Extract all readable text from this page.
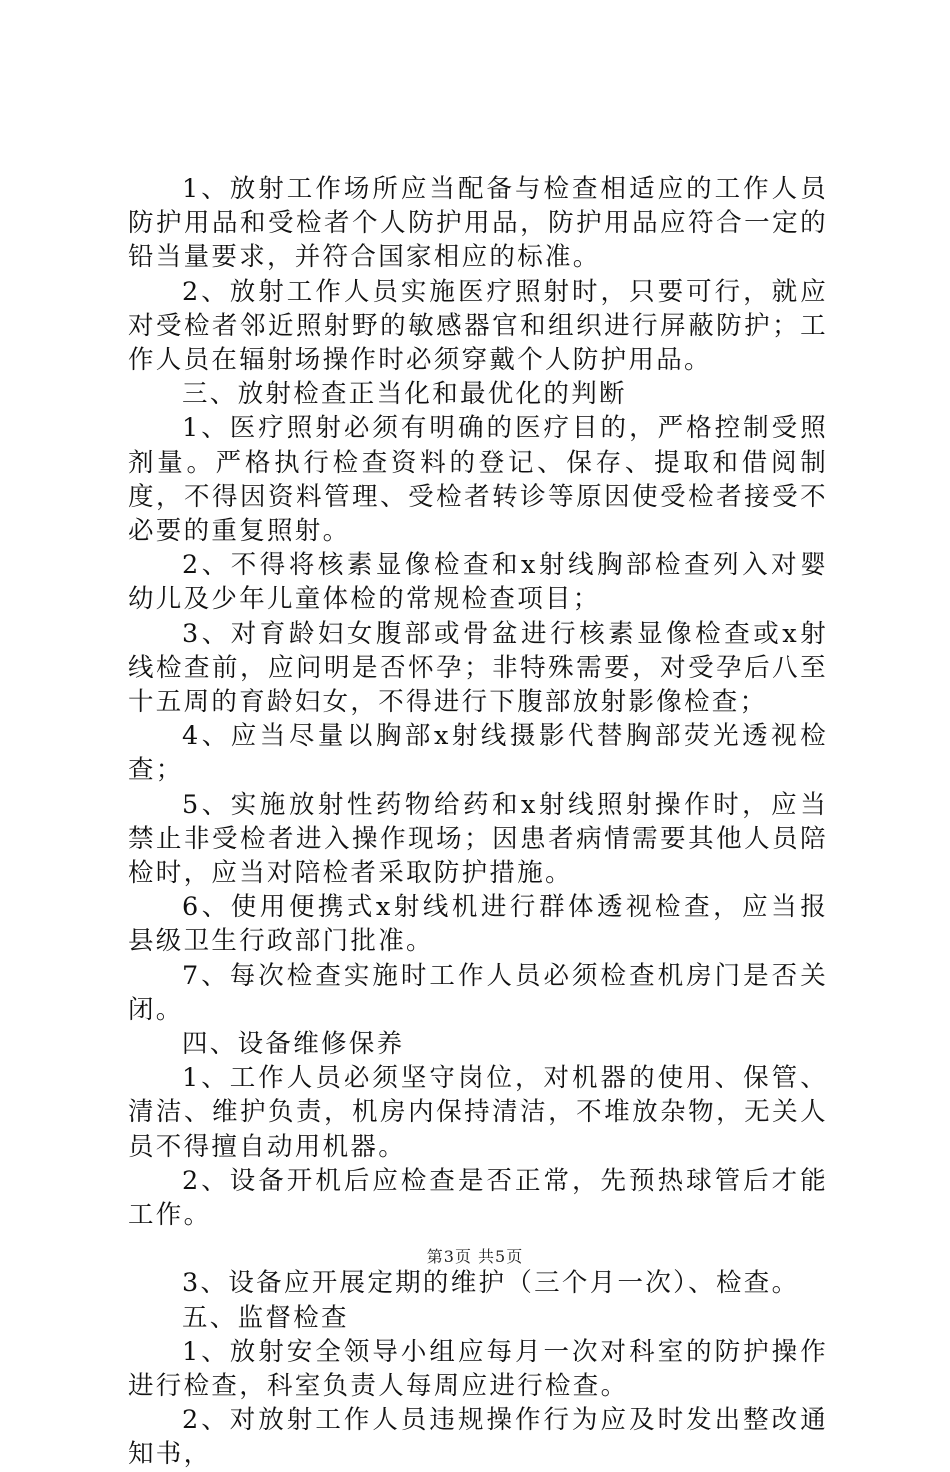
1、放射工作场所应当配备与检查相适应的工作人员防护用品和受检者个人防护用品，防护用品应符合一定的铅当量要求，并符合国家相应的标准。

2、放射工作人员实施医疗照射时，只要可行，就应对受检者邻近照射野的敏感器官和组织进行屏蔽防护；工作人员在辐射场操作时必须穿戴个人防护用品。

三、放射检查正当化和最优化的判断

1、医疗照射必须有明确的医疗目的，严格控制受照剂量。严格执行检查资料的登记、保存、提取和借阅制度，不得因资料管理、受检者转诊等原因使受检者接受不必要的重复照射。

2、不得将核素显像检查和x射线胸部检查列入对婴幼儿及少年儿童体检的常规检查项目；

3、对育龄妇女腹部或骨盆进行核素显像检查或x射线检查前，应问明是否怀孕；非特殊需要，对受孕后八至十五周的育龄妇女，不得进行下腹部放射影像检查；

4、应当尽量以胸部x射线摄影代替胸部荧光透视检查；

5、实施放射性药物给药和x射线照射操作时，应当禁止非受检者进入操作现场；因患者病情需要其他人员陪检时，应当对陪检者采取防护措施。

6、使用便携式x射线机进行群体透视检查，应当报县级卫生行政部门批准。

7、每次检查实施时工作人员必须检查机房门是否关闭。

四、设备维修保养

1、工作人员必须坚守岗位，对机器的使用、保管、清洁、维护负责，机房内保持清洁，不堆放杂物，无关人员不得擅自动用机器。

2、设备开机后应检查是否正常，先预热球管后才能工作。

3、设备应开展定期的维护（三个月一次）、检查。

五、监督检查

1、放射安全领导小组应每月一次对科室的防护操作进行检查，科室负责人每周应进行检查。

2、对放射工作人员违规操作行为应及时发出整改通知书，

第3页 共5页
